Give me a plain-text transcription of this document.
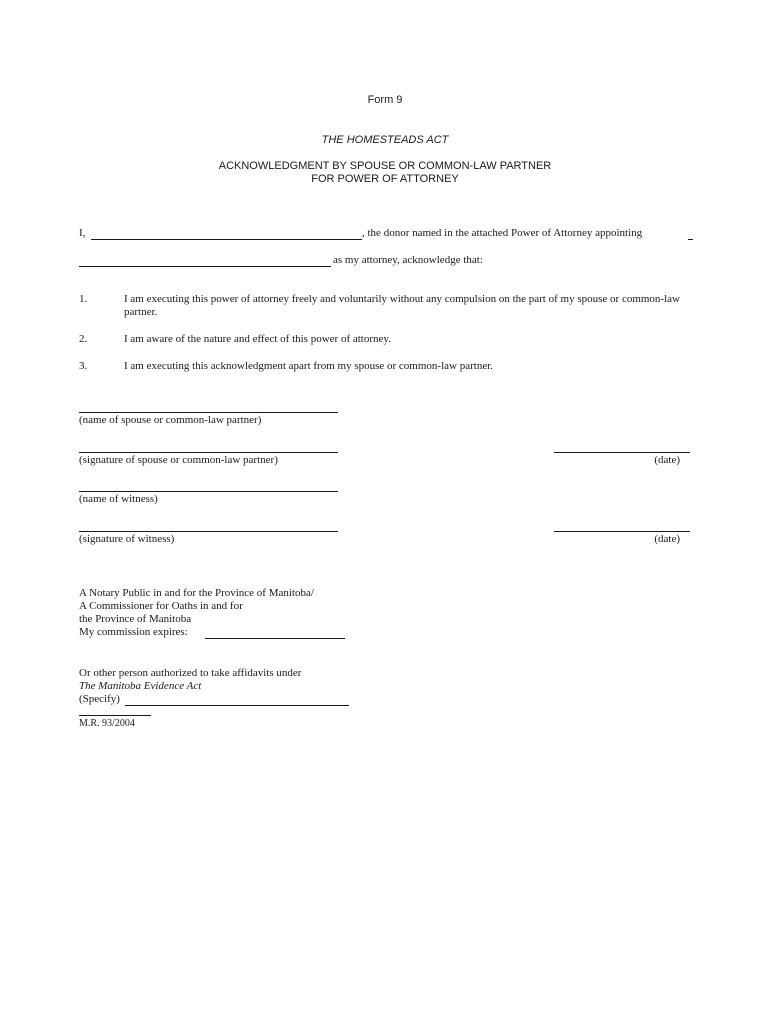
Form 9
THE HOMESTEADS ACT
ACKNOWLEDGMENT BY SPOUSE OR COMMON-LAW PARTNER
FOR POWER OF ATTORNEY
I,	, the donor named in the attached Power of Attorney appointing
as my attorney, acknowledge that:
1.	I am executing this power of attorney freely and voluntarily without any compulsion on the part of my spouse or common-law partner.
2.	I am aware of the nature and effect of this power of attorney.
3.	I am executing this acknowledgment apart from my spouse or common-law partner.
(name of spouse or common-law partner)
(signature of spouse or common-law partner)	(date)
(name of witness)
(signature of witness)	(date)
A Notary Public in and for the Province of Manitoba/
A Commissioner for Oaths in and for
the Province of Manitoba
My commission expires:
Or other person authorized to take affidavits under
The Manitoba Evidence Act
(Specify)
M.R. 93/2004
